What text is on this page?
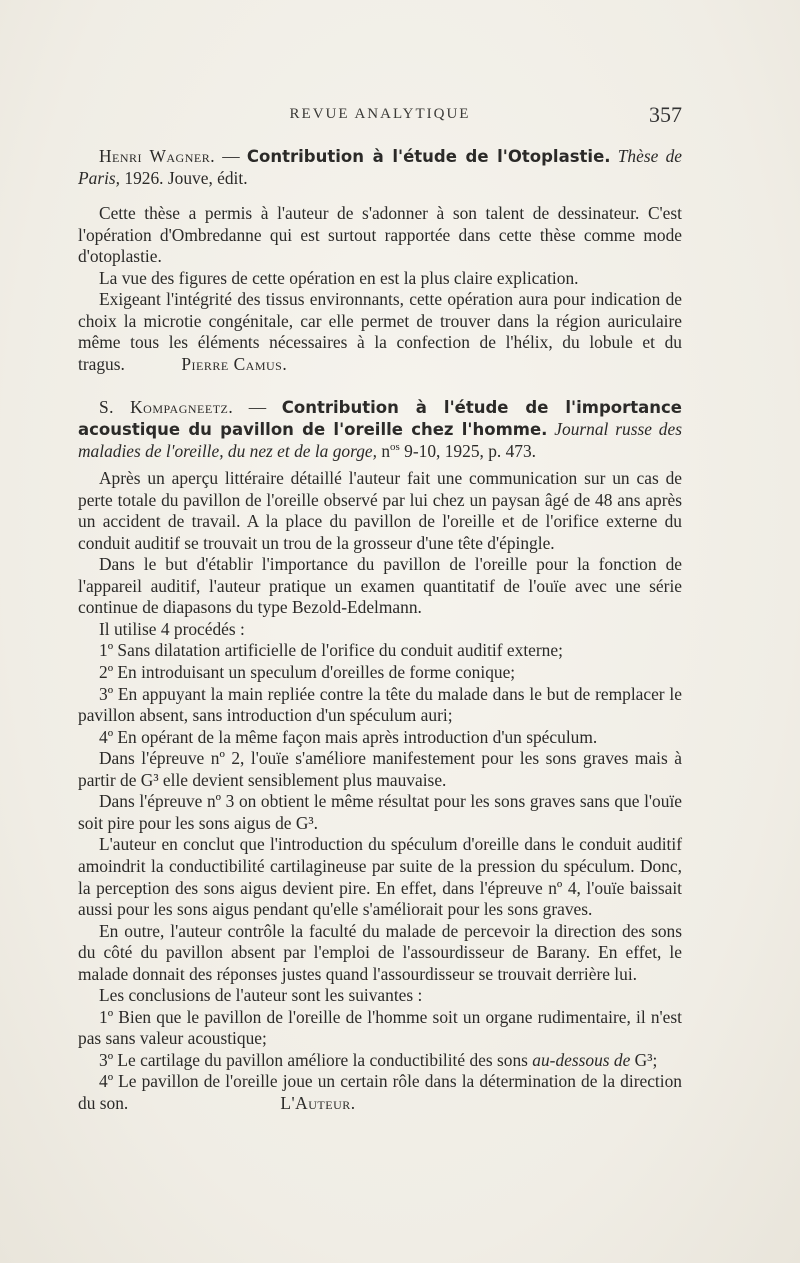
REVUE ANALYTIQUE	357

Henri Wagner. — Contribution à l'étude de l'Otoplastie. Thèse de Paris, 1926. Jouve, édit.

Cette thèse a permis à l'auteur de s'adonner à son talent de dessinateur. C'est l'opération d'Ombredanne qui est surtout rapportée dans cette thèse comme mode d'otoplastie.

La vue des figures de cette opération en est la plus claire explication.

Exigeant l'intégrité des tissus environnants, cette opération aura pour indication de choix la microtie congénitale, car elle permet de trouver dans la région auriculaire même tous les éléments nécessaires à la confection de l'hélix, du lobule et du tragus.	Pierre Camus.

S. Kompagneetz. — Contribution à l'étude de l'importance acoustique du pavillon de l'oreille chez l'homme. Journal russe des maladies de l'oreille, du nez et de la gorge, $n^{os}$ 9-10, 1925, p. 473.

Après un aperçu littéraire détaillé l'auteur fait une communication sur un cas de perte totale du pavillon de l'oreille observé par lui chez un paysan âgé de 48 ans après un accident de travail. A la place du pavillon de l'oreille et de l'orifice externe du conduit auditif se trouvait un trou de la grosseur d'une tête d'épingle.

Dans le but d'établir l'importance du pavillon de l'oreille pour la fonction de l'appareil auditif, l'auteur pratique un examen quantitatif de l'ouïe avec une série continue de diapasons du type Bezold-Edelmann.

Il utilise 4 procédés :

1º Sans dilatation artificielle de l'orifice du conduit auditif externe;

2º En introduisant un speculum d'oreilles de forme conique;

3º En appuyant la main repliée contre la tête du malade dans le but de remplacer le pavillon absent, sans introduction d'un spéculum auri;

4º En opérant de la même façon mais après introduction d'un spéculum.

Dans l'épreuve nº 2, l'ouïe s'améliore manifestement pour les sons graves mais à partir de G³ elle devient sensiblement plus mauvaise.

Dans l'épreuve nº 3 on obtient le même résultat pour les sons graves sans que l'ouïe soit pire pour les sons aigus de G³.

L'auteur en conclut que l'introduction du spéculum d'oreille dans le conduit auditif amoindrit la conductibilité cartilagineuse par suite de la pression du spéculum. Donc, la perception des sons aigus devient pire. En effet, dans l'épreuve nº 4, l'ouïe baissait aussi pour les sons aigus pendant qu'elle s'améliorait pour les sons graves.

En outre, l'auteur contrôle la faculté du malade de percevoir la direction des sons du côté du pavillon absent par l'emploi de l'assourdisseur de Barany. En effet, le malade donnait des réponses justes quand l'assourdisseur se trouvait derrière lui.

Les conclusions de l'auteur sont les suivantes :

1º Bien que le pavillon de l'oreille de l'homme soit un organe rudimentaire, il n'est pas sans valeur acoustique;

3º Le cartilage du pavillon améliore la conductibilité des sons au-dessous de G³;

4º Le pavillon de l'oreille joue un certain rôle dans la détermination de la direction du son.	L'Auteur.
